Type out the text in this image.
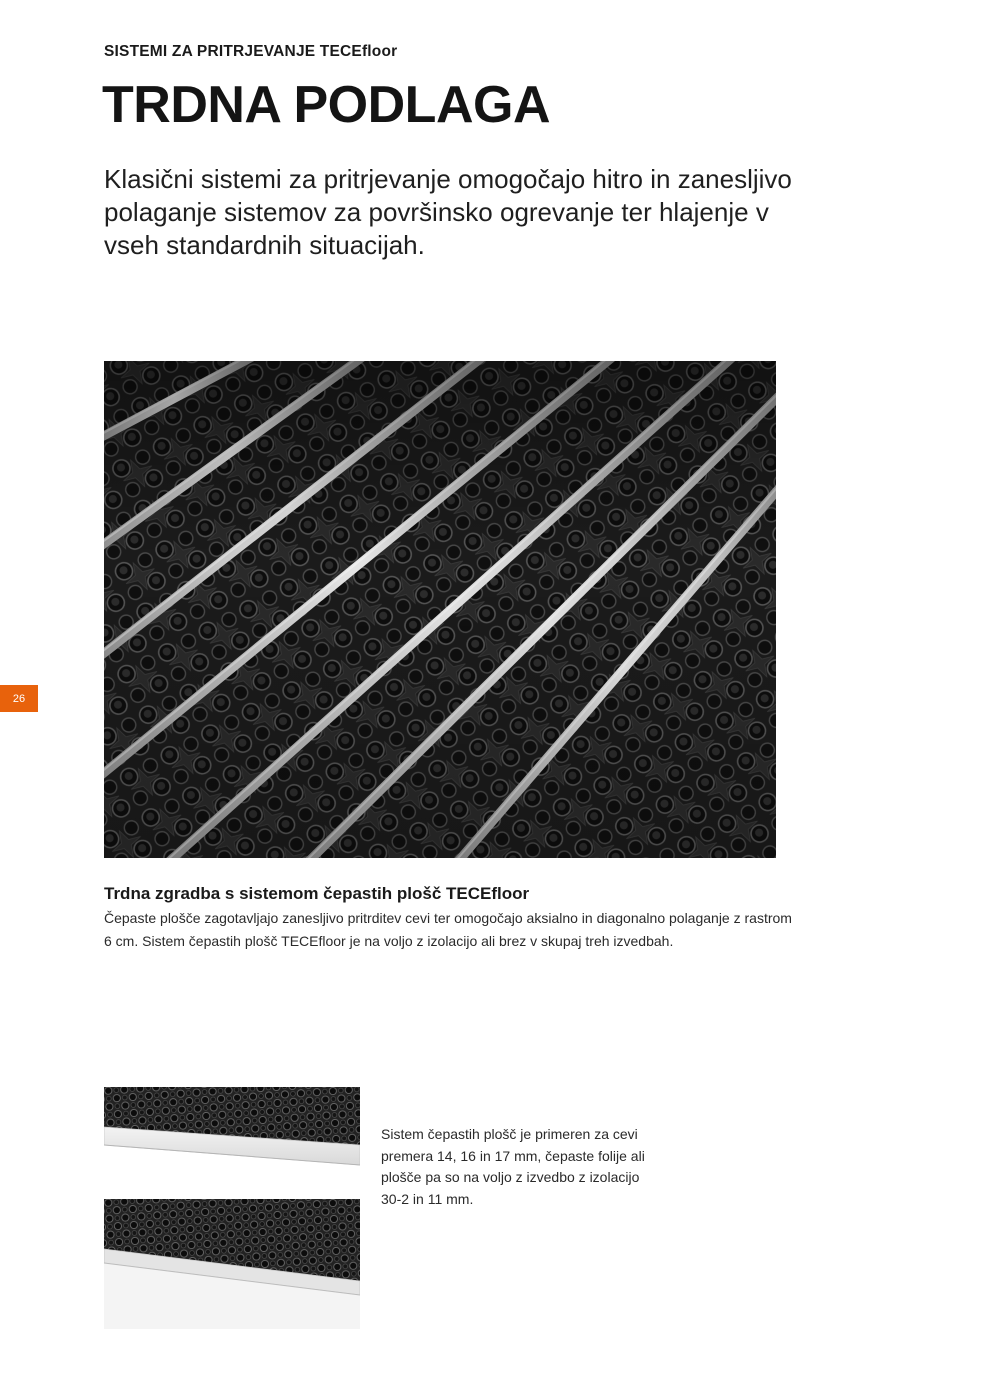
SISTEMI ZA PRITRJEVANJE TECEfloor
TRDNA PODLAGA

Klasični sistemi za pritrjevanje omogočajo hitro in zanesljivo polaganje sistemov za površinsko ogrevanje ter hlajenje v vseh standardnih situacijah.

26
Trdna zgradba s sistemom čepastih plošč TECEfloor

Čepaste plošče zagotavljajo zanesljivo pritrditev cevi ter omogočajo aksialno in diagonalno polaganje z rastrom 6 cm. Sistem čepastih plošč TECEfloor je na voljo z izolacijo ali brez v skupaj treh izvedbah.

Sistem čepastih plošč je primeren za cevi premera 14, 16 in 17 mm, čepaste folije ali plošče pa so na voljo z izvedbo z izolacijo 30-2 in 11 mm.
